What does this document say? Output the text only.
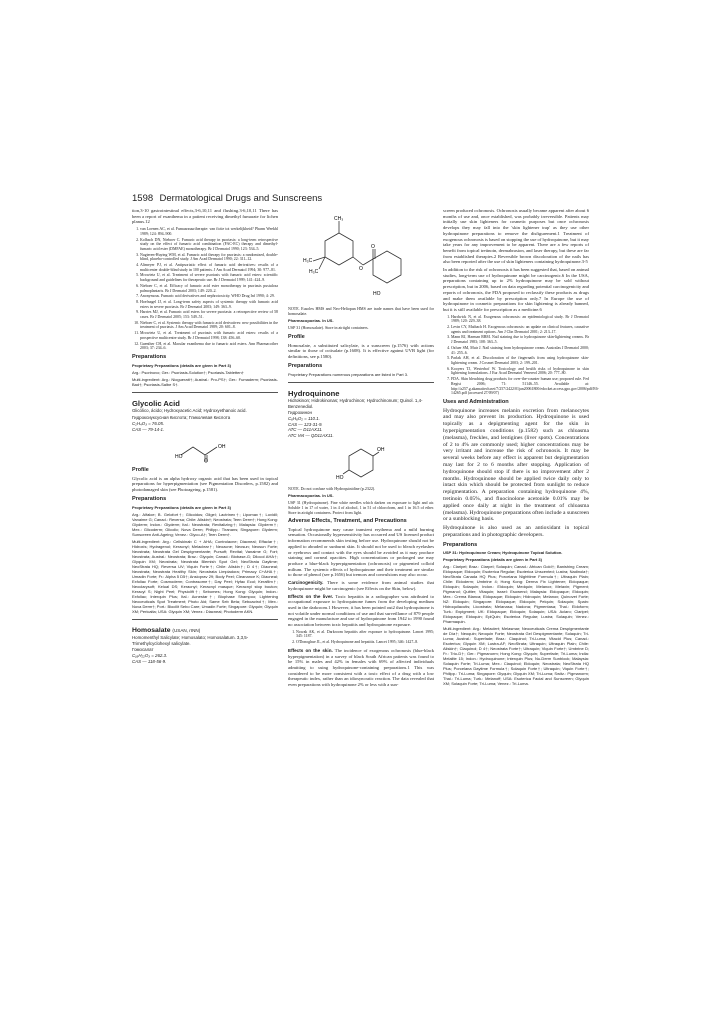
1598 Dermatological Drugs and Sunscreens

tion,3-10 gastrointestinal effects,3-6,10,11 and flushing.3-6,10,11 There has been a report of exanthema in a patient receiving dimethyl fumarate for lichen planus.12

1. van Loenen AC, et al. Fumaarzuurtherapie: van fictie tot werkelijkheid? Pharm Weekbl 1989; 124: 894–900.
2. Kolbach DN, Nieboer C. Fumaric acid therapy in psoriasis: a long-term retrospective study on the effect of fumaric acid combination (FAC-EC) therapy and dimethyl-fumaric acid ester (DMFAE) monotherapy. Br J Dermatol 1990; 123: 534–5.
3. Nugteren-Huying WM, et al. Fumaric acid therapy for psoriasis: a randomized, double-blind, placebo-controlled study. J Am Acad Dermatol 1990; 22: 311–12.
4. Altmeyer PJ, et al. Antipsoriatic effect of fumaric acid derivatives: results of a multicenter double-blind study in 100 patients. J Am Acad Dermatol 1994; 30: 977–81.
5. Mrowietz U, et al. Treatment of severe psoriasis with fumaric acid esters: scientific background and guidelines for therapeutic use. Br J Dermatol 1999; 141: 424–9.
6. Nieboer C, et al. Efficacy of fumaric acid ester monotherapy in psoriasis pustulosa palmoplantaris. Br J Dermatol 2003; 149: 220–2.
7. Anonymous. Fumaric acid derivatives and nephrotoxicity. WHO Drug Inf 1990; 4: 29.
8. Hoefnagel JJ, et al. Long-term safety aspects of systemic therapy with fumaric acid esters in severe psoriasis. Br J Dermatol 2003; 149: 363–9.
9. Harries MJ, et al. Fumaric acid esters for severe psoriasis: a retrospective review of 58 cases. Br J Dermatol 2005; 153: 549–51.
10. Nieboer C, et al. Systemic therapy with fumaric acid derivatives: new possibilities in the treatment of psoriasis. J Am Acad Dermatol 1989; 20: 601–8.
11. Mrowietz U, et al. Treatment of psoriasis with fumaric acid esters: results of a prospective multicentre study. Br J Dermatol 1998; 138: 456–60.
12. Guenther CH, et al. Macular exanthema due to fumaric acid esters. Ann Pharmacother 2003; 37: 234–6.
Preparations

Proprietary Preparations (details are given in Part 3)

Arg.: Psorinovo; Ger.: Psoriasis-Solution†; Psoriasis-Tabletten†

Multi-ingredient: Arg.: Niogueratt†; Austral.: Pro-PS†; Ger.: Fumaderm; Psoriasis-Bad†; Psoriasis-Salbe S†.

Glycolic Acid
Glicólico, ácido; Hydroxyacetic Acid; Hydroxyethanoic acid.
Гидроксиуксусная Кислота; Гликолевая Кислота
C₂H₄O₃ = 76.05.
CAS — 79-14-1.
HO
OH
O
Profile

Glycolic acid is an alpha hydroxy organic acid that has been used in topical preparations for hyperpigmentation (see Pigmentation Disorders, p.1582) and photodamaged skin (see Photoageing, p.1581).

Preparations

Proprietary Preparations (details are given in Part 3)

Arg.: Alfaloe; B. Gelofort†; Glicoidos; Gligel; Lactrinex†; Lipomax†; Lovidil; Vanaime G; Canad.: Reversa; Chile: Aliskin†; Neostrata; Teen Derm†; Hong Kong: Glyderm; Indon.: Glyderm; Ital.: Neostrata; Revitalizing†; Malaysia: Glyderm†; Mex.: Glicoderm; Glicolic; Nova Derm; Philipp.: Tiranans; Singapore: Glyderm; Sunscreen Anti-Ageing; Venez.: Glyco-A†; Teen Derm†.

Multi-ingredient: Arg.: Cellskinab C + AHA; Controlacne; Diacneal; Effaclar†; Hidroxis; Hydragenol; Keracnyl; Melaclear†; Neoacne; Neosun; Neosun Forte; Neostrata; Neostrata Gel Despigmentante; Pursoft; Revital; Vanaime G; Fort; Neostrata; Austral.: Neostrata; Braz.: Glyquin; Canad.: Biobase-G; Dilocol AHA†; Glyquin XM; Neostrata; Neostrata Blemish Spot Gel; NeoStrata Daytime; NeoStrata HQ; Reversa UV; Viquin Forte†; Chile: Aliskin†; D 4†; Diacneal; Neostrata; Neostrata Healthy Skin; Neostrata Limpiadora; Primacy C+AHA†; Umadin Forte; Fr.: Alpha 5 D5†; Ansioprav 29; Body Peel; Cleanance K; Diacneal; Exfoliac Forte; Cosmoderm; Contrasome†; Day Peel; Hyfac Ecol; Kerafilm†; Neoclarysoft; Kelual DS; Keracnyl; Keracnyl masque; Keracnyl stop bouton; Keracyl S; Night Peel; Physiolift†; Sebomes; Hong Kong: Glyquin; Indon.: Exfoliac; Interquin Plus; Ital.: Acnestar†; Biophase Shampoo; Lightening Neoceuticals Spot Treatment; Photo Aid; Same Seb Beta; Seboactrol†; Mex.: Nova Derm†; Port.: Biocilit Sebo Care; Umadin Forte; Singapore: Glyquin; Glyquin XM; Pericalta; USA: Glyquin XM; Venez.: Diacneal; Photoderm AKN.

Homosalate (USAN, rINN)
Homomenthyl Salicylate; Homosalato; Homosalatum. 3,3,5-Trimethylcyclohexyl salicylate.
Гомосалат
C₁₆H₂₂O₃ = 262.3.
CAS — 118-56-9.
CH₃
H₃C
H₃C	O
O
HO

NOTE. Eusolex HMS and Neo-Heliopan HMS are trade names that have been used for homosalate.

Pharmacopoeias. In US.

USP 31 (Homosalate). Store in airtight containers.

Profile

Homosalate, a substituted salicylate, is a sunscreen (p.1576) with actions similar to those of octisalate (p.1608). It is effective against UVB light (for definitions, see p.1580).

Preparations

Proprietary Preparations numerous preparations are listed in Part 3.

Hydroquinone
Hidrokinon; Hidrokinonas; Hydrochinon; Hydrochinonum; Quinol. 1,4-Benzenediol.
Гидрохинон
C₆H₆O₂ = 110.1.
CAS — 123-31-9.
ATC — D11AX11.
ATC Vet — QD11AX11.
OH
HO

NOTE. Do not confuse with Hydroquinidine (p.2322).

Pharmacopoeias. In US.

USP 31 (Hydroquinone). Fine white needles which darken on exposure to light and air. Soluble 1 in 17 of water, 1 in 4 of alcohol, 1 in 51 of chloroform, and 1 in 16.5 of ether. Store in airtight containers. Protect from light.

Adverse Effects, Treatment, and Precautions

Topical hydroquinone may cause transient erythema and a mild burning sensation. Occasionally hypersensitivity has occurred and US licensed product information recommends skin testing before use. Hydroquinone should not be applied to abraded or sunburnt skin. It should not be used to bleach eyelashes or eyebrows and contact with the eyes should be avoided as it may produce staining and corneal opacities. High concentrations or prolonged use may produce a blue-black hyperpigmentation (ochronosis) or pigmented colloid milium. The systemic effects of hydroquinone and their treatment are similar to those of phenol (see p.1656) but tremors and convulsions may also occur.

Carcinogenicity. There is some evidence from animal studies that hydroquinone might be carcinogenic (see Effects on the Skin, below).

Effects on the liver. Toxic hepatitis in a radiographer was attributed to occupational exposure to hydroquinone fumes from the developing medium used in the darkroom.1 However, it has been pointed out2 that hydroquinone is not volatile under normal conditions of use and that surveillance of 879 people engaged in the manufacture and use of hydroquinone from 1942 to 1990 found no association between toxic hepatitis and hydroquinone exposure.

1. Nowak AK, et al. Darkroom hepatitis after exposure to hydroquinone. Lancet 1995; 345: 1187.
2. O'Donoghue JL, et al. Hydroquinone and hepatitis. Lancet 1995; 346: 1427–8.

Effects on the skin. The incidence of exogenous ochronosis (blue-black hyperpigmentation) in a survey of black South African patients was found to be 15% in males and 42% in females with 69% of affected individuals admitting to using hydroquinone-containing preparations.1 This was considered to be more consistent with a toxic effect of a drug with a low therapeutic index, rather than an idiosyncratic reaction. The data revealed that even preparations with hydroquinone 2% or less with a sun-

screen produced ochronosis. Ochronosis usually became apparent after about 6 months of use and, once established, was probably irreversible. Patients may initially use skin lighteners for cosmetic purposes but once ochronosis develops they may fall into the 'skin lightener trap' as they use other hydroquinone preparations to remove the disfigurement.1 Treatment of exogenous ochronosis is based on stopping the use of hydroquinone, but it may take years for any improvement to be apparent. There are a few reports of benefit from topical tretinoin, dermabrasion, and laser therapy, but these are far from established therapies.2 Reversible brown discoloration of the nails has also been reported after the use of skin lighteners containing hydroquinone.3-5

In addition to the risk of ochronosis it has been suggested that, based on animal studies, long-term use of hydroquinone might be carcinogenic.6 In the USA, preparations containing up to 2% hydroquinone may be sold without prescription, but in 2006, based on data regarding potential carcinogenicity and reports of ochronosis, the FDA proposed to reclassify these products as drugs and make them available by prescription only.7 In Europe the use of hydroquinone in cosmetic preparations for skin lightening is already banned, but it is still available for prescription as a medicine.6

1. Hardwick N, et al. Exogenous ochronosis: an epidemiological study. Br J Dermatol 1989; 120: 229–38.
2. Levin CY, Maibach H. Exogenous ochronosis: an update on clinical features, causative agents and treatment options. Am J Clin Dermatol 2001; 2: 213–17.
3. Mann RJ, Harman RRM. Nail staining due to hydroquinone skin-lightening creams. Br J Dermatol 1983; 108: 363–5.
4. Ozluer SM, Muir J. Nail staining from hydroquinone cream. Australas J Dermatol 2000; 41: 255–6.
5. Parlak AH, et al. Discoloration of the fingernails from using hydroquinone skin-lightening cream. J Cosmet Dermatol 2003; 2: 199–201.
6. Kooyers TJ, Westerhof W. Toxicology and health risks of hydroquinone in skin lightening formulations. J Eur Acad Dermatol Venereol 2006; 20: 777–80.
7. FDA. Skin bleaching drug products for over-the-counter human use; proposed rule. Fed Regist 2006; 71: 51146–55. Available at: http://a257.g.akamaitech.net/7/257/2422/01jan20061800/edocket.access.gpo.gov/2006/pdf/E6-14265.pdf (accessed 27/09/07)
Uses and Administration

Hydroquinone increases melanin excretion from melanocytes and may also prevent its production. Hydroquinone is used topically as a depigmenting agent for the skin in hyperpigmentation conditions (p.1582) such as chloasma (melasma), freckles, and lentigines (liver spots). Concentrations of 2 to 4% are commonly used; higher concentrations may be very irritant and increase the risk of ochronosis. It may be several weeks before any effect is apparent but depigmentation may last for 2 to 6 months after stopping. Application of hydroquinone should stop if there is no improvement after 2 months. Hydroquinone should be applied twice daily only to intact skin which should be protected from sunlight to reduce repigmentation. A preparation containing hydroquinone 4%, tretinoin 0.05%, and fluocinolone acetonide 0.01% may be applied once daily at night in the treatment of chloasma (melasma). Hydroquinone preparations often include a sunscreen or a sunblocking basis.

Hydroquinone is also used as an antioxidant in topical preparations and in photographic developers.

Preparations

USP 31: Hydroquinone Cream; Hydroquinone Topical Solution.

Proprietary Preparations (details are given in Part 3)

Arg.: Claripel; Braz.: Clarpel; Solaquin; Canad.: African Gold†; Banishing Cream; Eldopaque; Eldoquin; Esoterica Regular; Esoterica Unscented; Lustra; Nadinola†; NeoStrata Canada HQ Plus; Porcelana Nighttime Formula†; Ultraquin Plain; Chile: Eldoderm; Umbrine 4; Hong Kong: Derma Fix Lightener; Eldopaque; Eldoquin; Solaquin; Indon.: Eldoquin; Medquin; Melanox; Melaxin; Pigment; Pigmanol; Quitter; Vitaquin; Israel: Esowend; Malaysia: Eldopaque; Eldoquin; Mex.: Crema Blanca; Eldopaque; Eldoquin; Hidroquin; Melanox; Quinovet Forte; NZ: Eldoquin; Singapore: Eldopaque; Eldoquin; Pelquin; Solaquin; Spain: Hidroquilacutis; Licostrata; Melanasa; Nadona; Pigmentasa; Thai.: Eldoform; Turk.: Expigment; UK: Eldopaque; Eldoquin; Solaquin; USA: Aclaro; Claripel; Eldopaque; Eldoquin; EpiQuin; Esoterica Regular; Lustra; Solaquin; Venez.: Pharmaquin.

Multi-ingredient: Arg.: Melaclert; Melasmar; Neoceuticals Crema Despigmentante de Día†; Neoquin; Neoquin Forte; Neostrata Gel Despigmentante; Solaquin; Tri-Luma; Austral.: Superfade; Braz.: Claquinol; Tri-Luma; Vitacid Plus; Canad.: Esoterica; Glyquin XM; Lustra-AF; NeoStrata; Ultraquin; Ultraquin Plain; Chile: Aliskin†; Claquinol; D 4†; Neostrata Forte†; Ultraquin; Viquin Forte†; Umbrine D; Fr.: Trio-D†; Ger.: Pigmanorm; Hong Kong: Glyquin; Superfade; Tri-Luma; India: Melalite 15; Indon.: Hydroquinone; Interquin Plus; Nu-Derm Sunblock; Malaysia: Solaquin Forte; Tri-Luma; Mex.: Claquinol; Eldoquin; Neostrata; NeoStrata HQ Plus; Porcelana Daytime Formula†; Solaquin Forte†; Ultraquin; Viquin Forte†; Philipp.: Tri-Luma; Singapore: Glyquin; Glyquin XM; Tri-Luma; Switz.: Pigmanorm; Thai.: Tri-Luma; Turk.: Melanoff; USA: Esoterica Facial and Sunscreen; Glyquin XM; Solaquin Forte; Tri-Luma; Venez.: Tri-Luma.
